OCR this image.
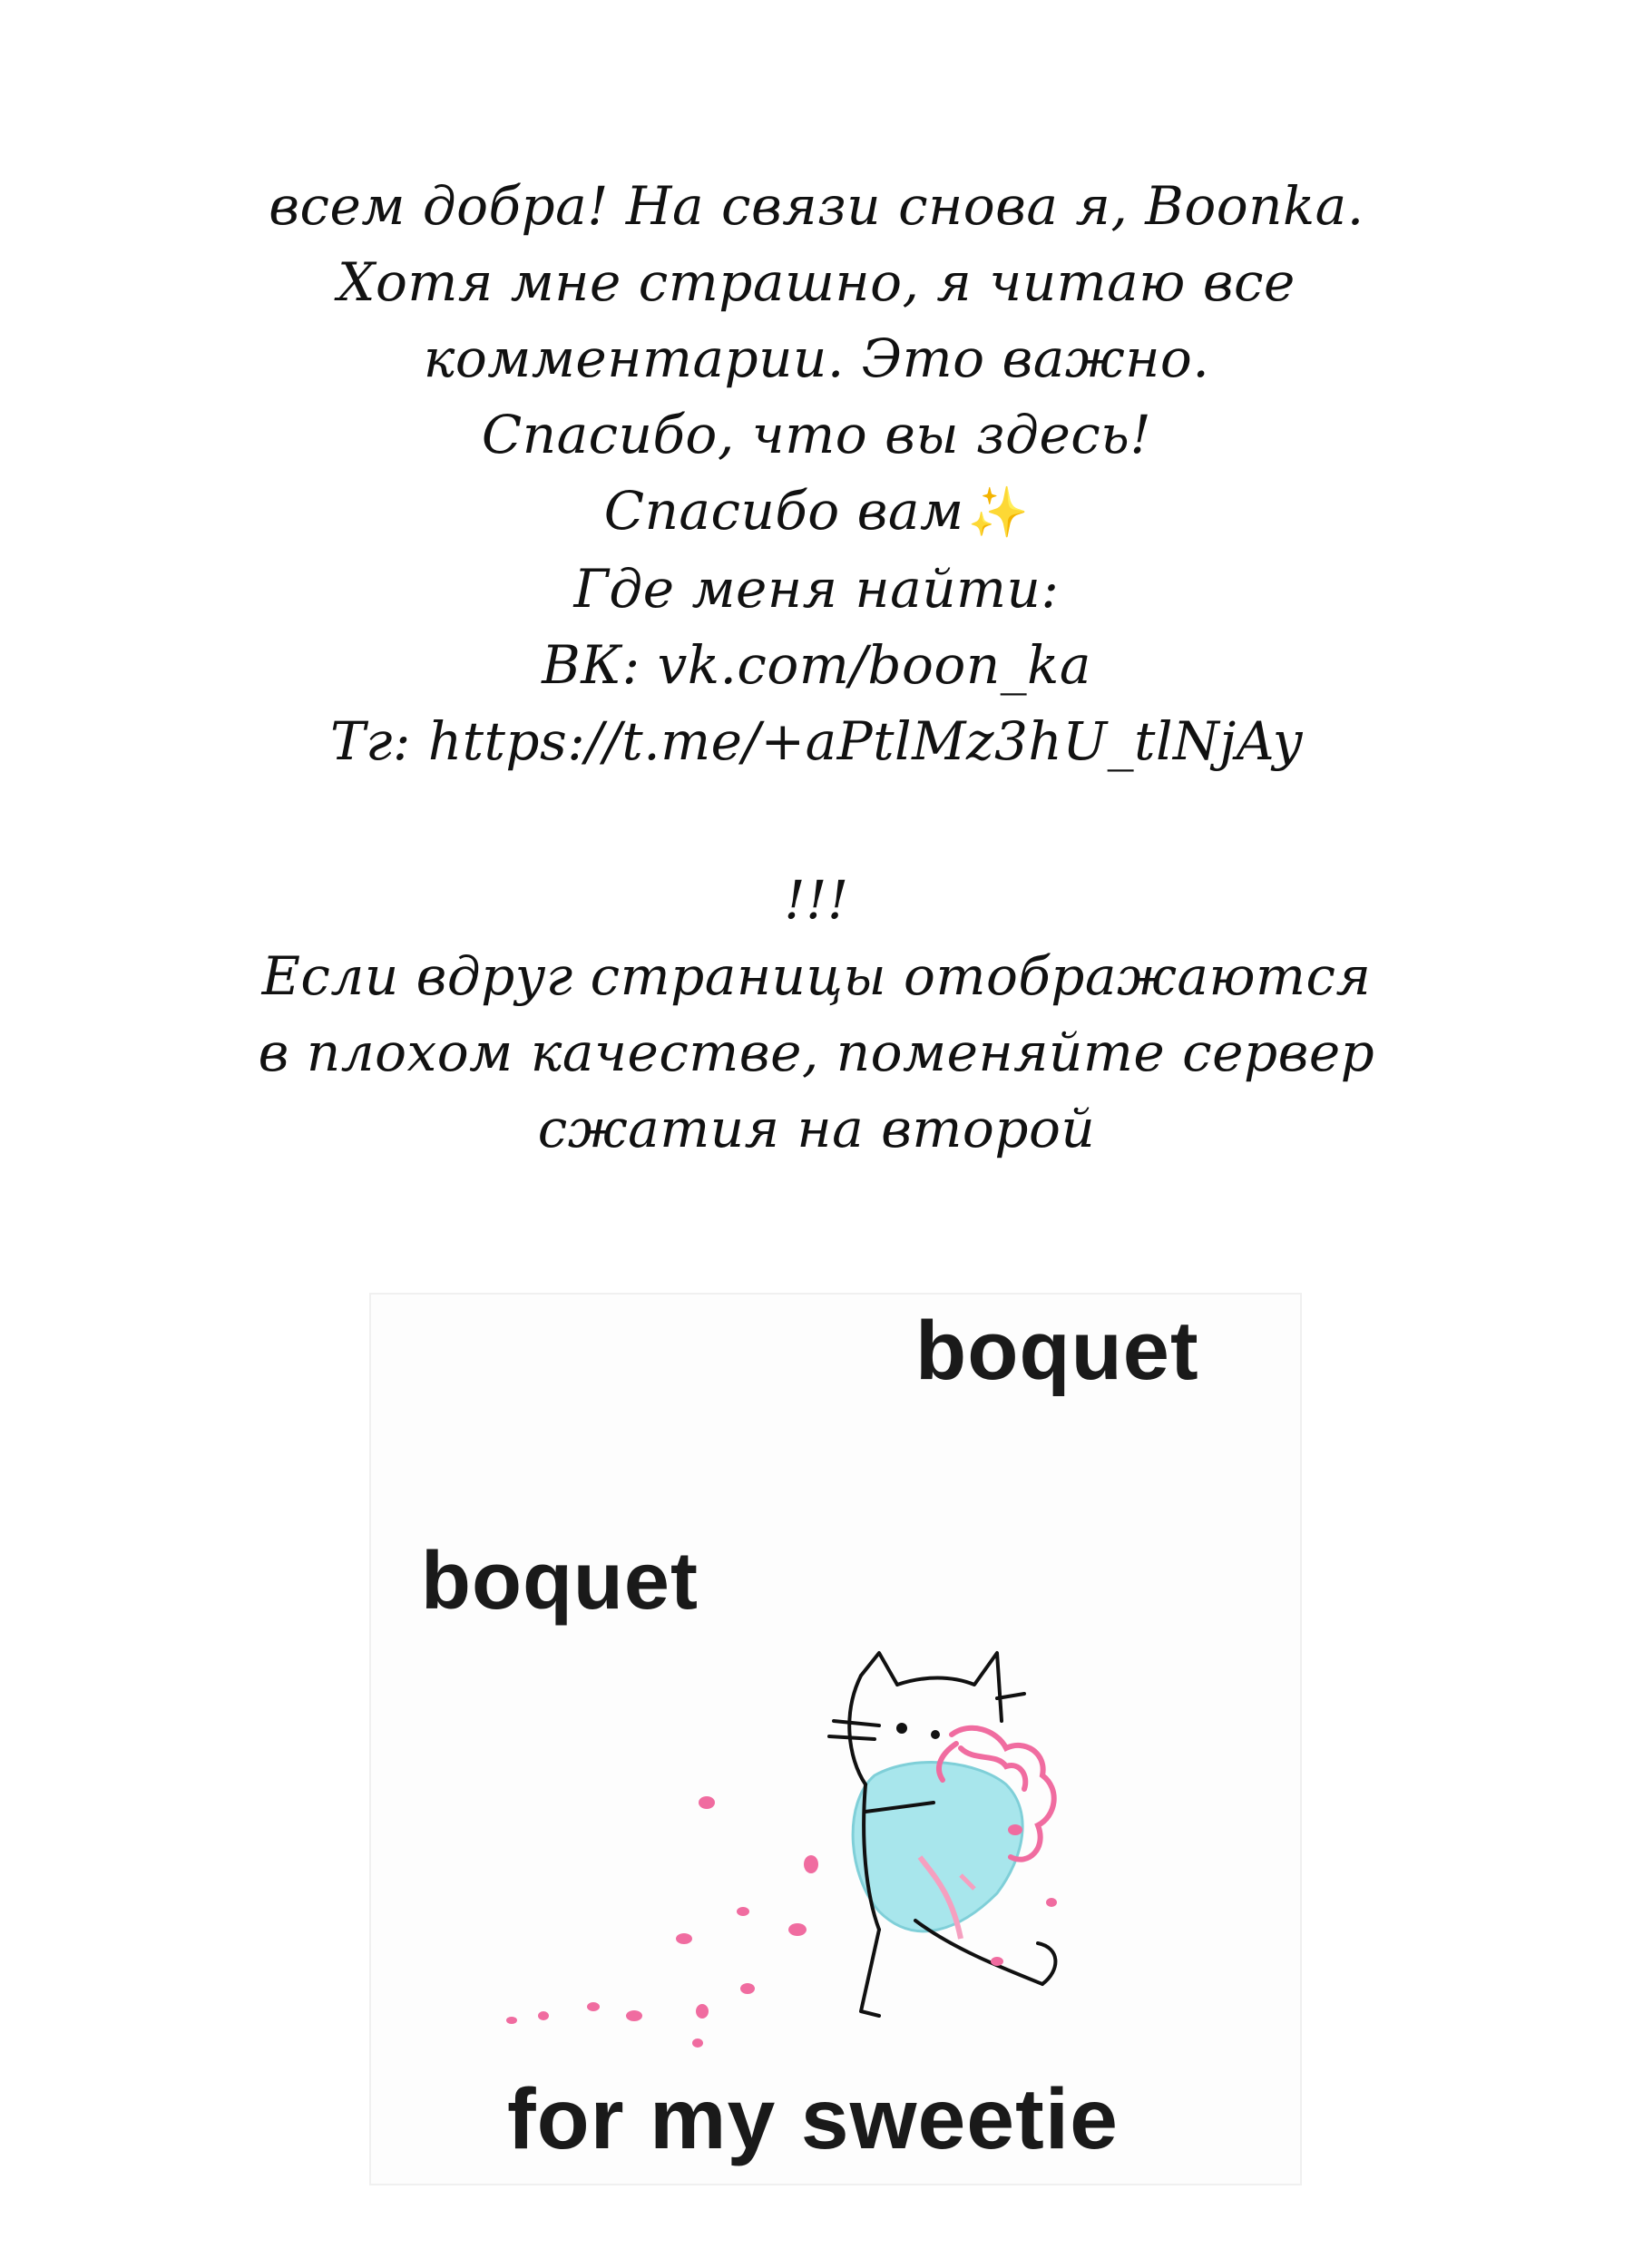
всем добра! На связи снова я, Boonka.
Хотя мне страшно, я читаю все
комментарии. Это важно.
Спасибо, что вы здесь!
Спасибо вам✨
Где меня найти:
ВК: vk.com/boon_ka
Тг: https://t.me/+aPtlMz3hU_tlNjAy
!!!
Если вдруг страницы отображаются
в плохом качестве, поменяйте сервер
сжатия на второй
boquet
boquet
for my sweetie
